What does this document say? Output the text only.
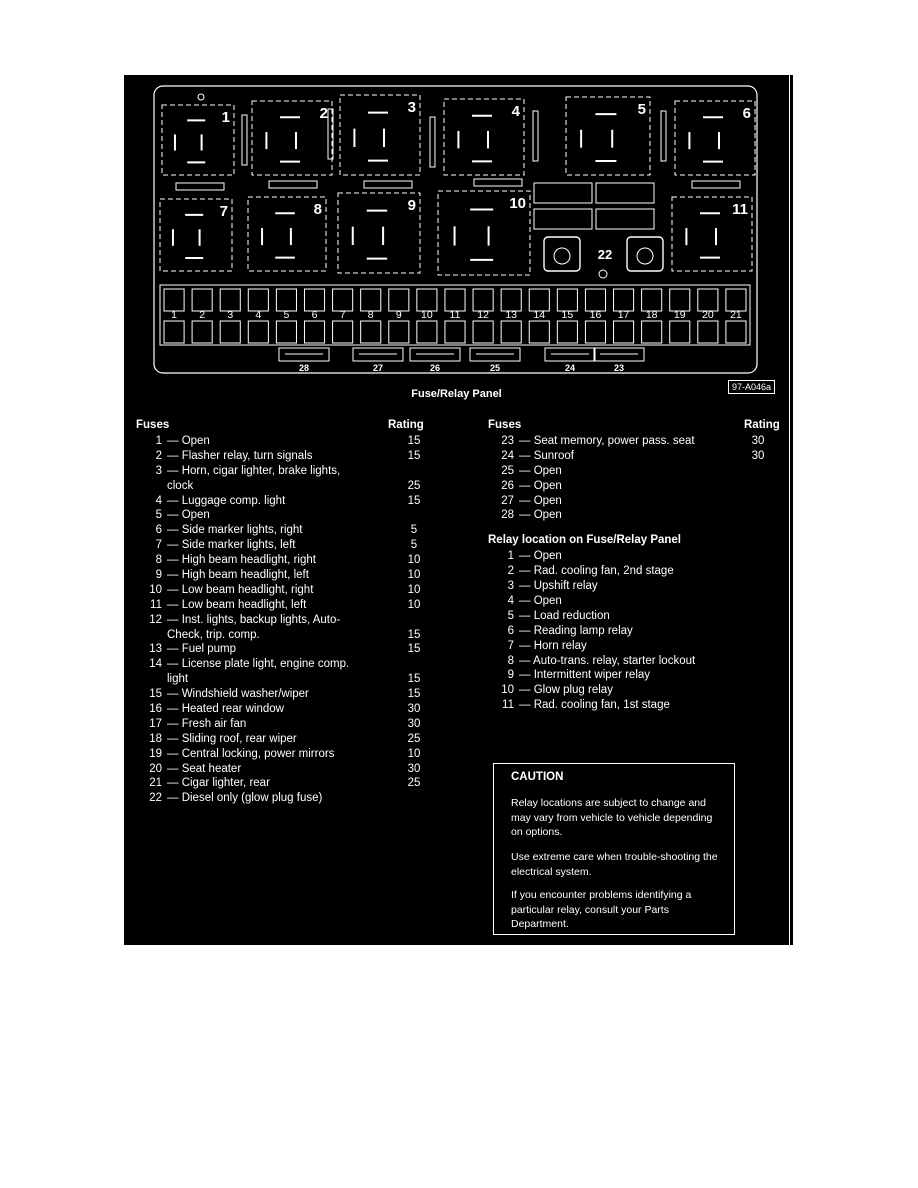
1	2	3	4	5	6
7	8	9	10	11
22
1 2 3 4 5 6 7 8 9 10 11 12 13 14 15 16 17 18 19 20 21
28	27	26	25	24	23
Fuse/Relay Panel
97-A046a
Fuses	Rating
1 — Open	15
2 — Flasher relay, turn signals	15
3 — Horn, cigar lighter, brake lights,
clock	25
4 — Luggage comp. light	15
5 — Open
6 — Side marker lights, right	5
7 — Side marker lights, left	5
8 — High beam headlight, right	10
9 — High beam headlight, left	10
10 — Low beam headlight, right	10
11 — Low beam headlight, left	10
12 — Inst. lights, backup lights, Auto-
Check, trip. comp.	15
13 — Fuel pump	15
14 — License plate light, engine comp.
light	15
15 — Windshield washer/wiper	15
16 — Heated rear window	30
17 — Fresh air fan	30
18 — Sliding roof, rear wiper	25
19 — Central locking, power mirrors	10
20 — Seat heater	30
21 — Cigar lighter, rear	25
22 — Diesel only (glow plug fuse)
Fuses	Rating
23 — Seat memory, power pass. seat	30
24 — Sunroof	30
25 — Open
26 — Open
27 — Open
28 — Open
Relay location on Fuse/Relay Panel
1 — Open
2 — Rad. cooling fan, 2nd stage
3 — Upshift relay
4 — Open
5 — Load reduction
6 — Reading lamp relay
7 — Horn relay
8 — Auto-trans. relay, starter lockout
9 — Intermittent wiper relay
10 — Glow plug relay
11 — Rad. cooling fan, 1st stage
CAUTION
Relay locations are subject to change and may vary from vehicle to vehicle depending on options.
Use extreme care when trouble-shooting the electrical system.
If you encounter problems identifying a particular relay, consult your Parts Department.
